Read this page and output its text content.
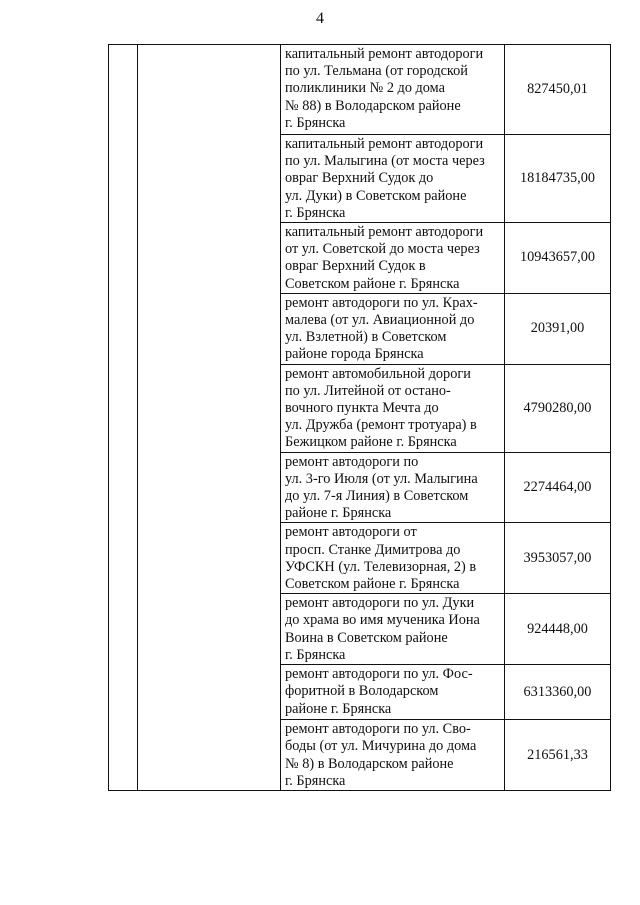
4

		капитальный ремонт автодороги
по ул. Тельмана (от городской
поликлиники № 2 до дома
№ 88) в Володарском районе
г. Брянска	827450,01

		капитальный ремонт автодороги
по ул. Малыгина (от моста через
овраг Верхний Судок до
ул. Дуки) в Советском районе
г. Брянска	18184735,00

		капитальный ремонт автодороги
от ул. Советской до моста через
овраг Верхний Судок в
Советском районе г. Брянска	10943657,00

		ремонт автодороги по ул. Крах-
малева (от ул. Авиационной до
ул. Взлетной) в Советском
районе города Брянска	20391,00

		ремонт автомобильной дороги
по ул. Литейной от остано-
вочного пункта Мечта до
ул. Дружба (ремонт тротуара) в
Бежицком районе г. Брянска	4790280,00

		ремонт автодороги по
ул. 3-го Июля (от ул. Малыгина
до ул. 7-я Линия) в Советском
районе г. Брянска	2274464,00

		ремонт автодороги от
просп. Станке Димитрова до
УФСКН (ул. Телевизорная, 2) в
Советском районе г. Брянска	3953057,00

		ремонт автодороги по ул. Дуки
до храма во имя мученика Иона
Воина в Советском районе
г. Брянска	924448,00

		ремонт автодороги по ул. Фос-
форитной в Володарском
районе г. Брянска	6313360,00

		ремонт автодороги по ул. Сво-
боды (от ул. Мичурина до дома
№ 8) в Володарском районе
г. Брянска	216561,33
